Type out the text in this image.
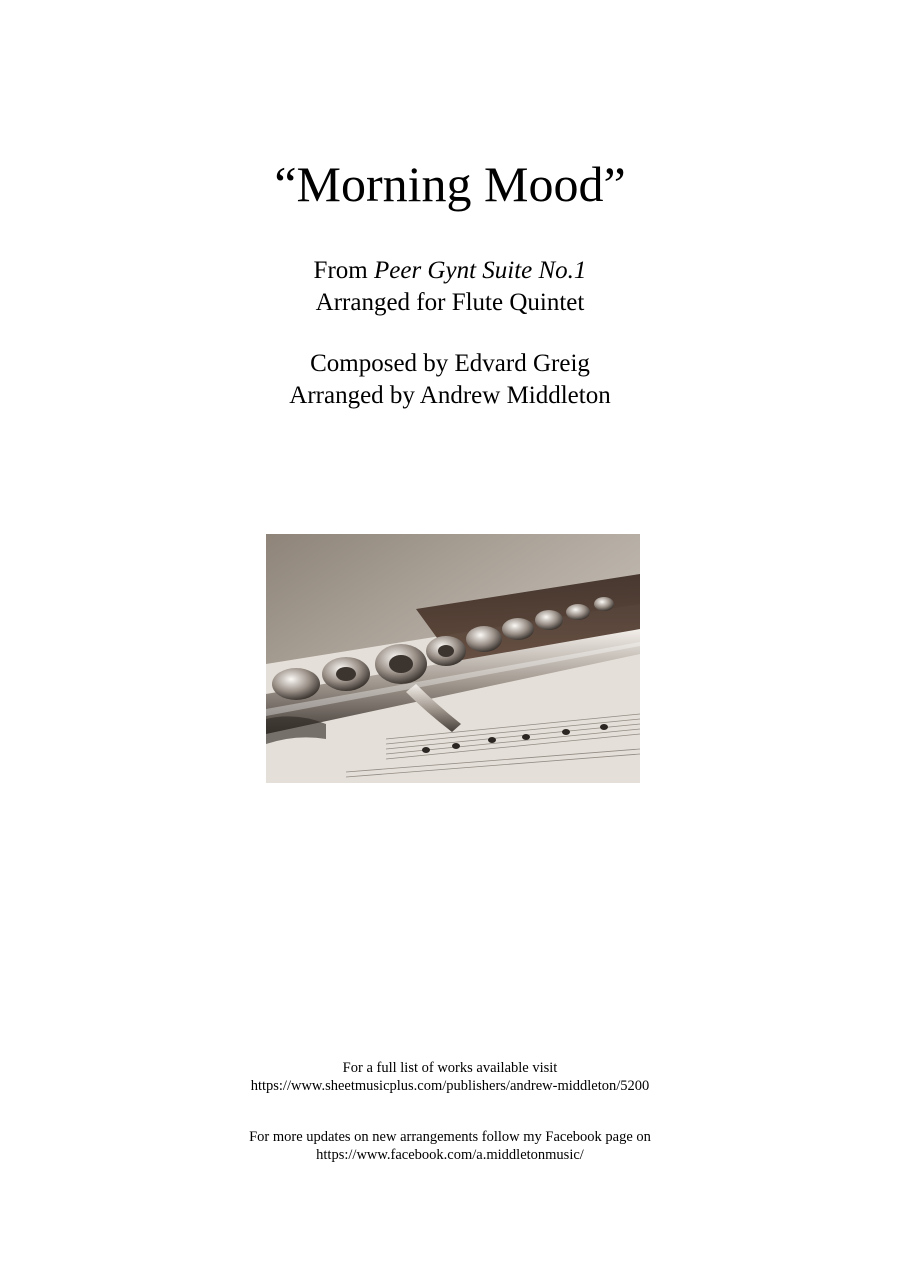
“Morning Mood”
From Peer Gynt Suite No.1
Arranged for Flute Quintet
Composed by Edvard Greig
Arranged by Andrew Middleton
For a full list of works available visit
https://www.sheetmusicplus.com/publishers/andrew-middleton/5200
For more updates on new arrangements follow my Facebook page on
https://www.facebook.com/a.middletonmusic/
